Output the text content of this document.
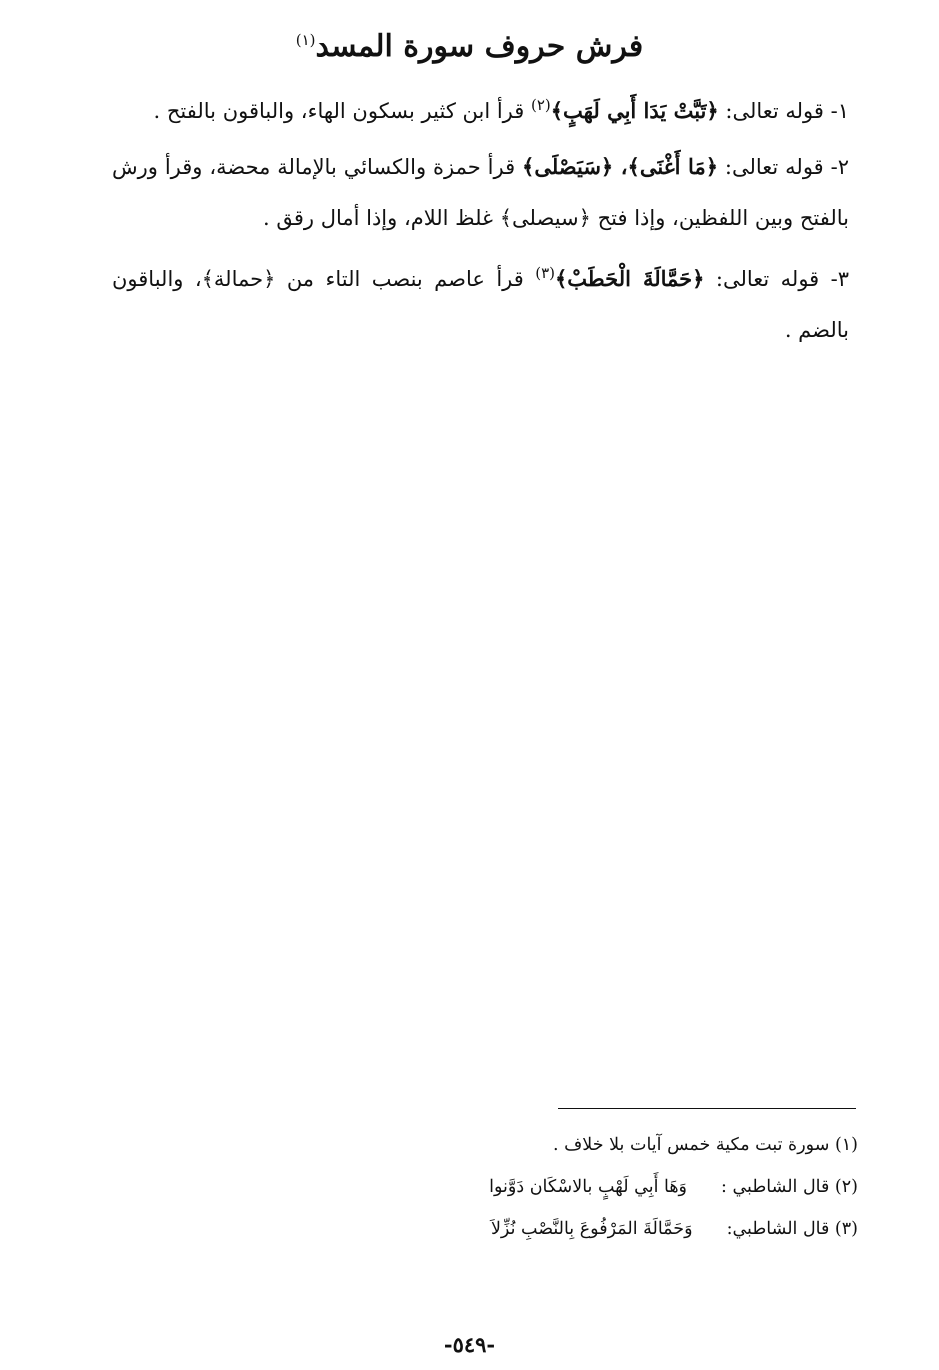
فرش حروف سورة المسد$^{(١)}$

١- قوله تعالى: ﴿تَبَّتْ يَدَا أَبِي لَهَبٍ﴾$^{(٢)}$ قرأ ابن كثير بسكون الهاء، والباقون بالفتح .

٢- قوله تعالى: ﴿مَا أَغْنَى﴾، ﴿سَيَصْلَى﴾ قرأ حمزة والكسائي بالإمالة محضة، وقرأ ورش بالفتح وبين اللفظين، وإذا فتح ﴿سيصلى﴾ غلظ اللام، وإذا أمال رقق .

٣- قوله تعالى: ﴿حَمَّالَةَ الْحَطَبْ﴾$^{(٣)}$ قرأ عاصم بنصب التاء من ﴿حمالة﴾، والباقون بالضم .

(١) سورة تبت مكية خمس آيات بلا خلاف .
(٢) قال الشاطبي :وَهَا أَبِي لَهْبٍ بالاسْكَان دَوَّنوا
(٣) قال الشاطبي:وَحَمَّالَةَ المَرْفُوعَ بِالنَّصْبِ نُزِّلاَ
-٥٤٩-
